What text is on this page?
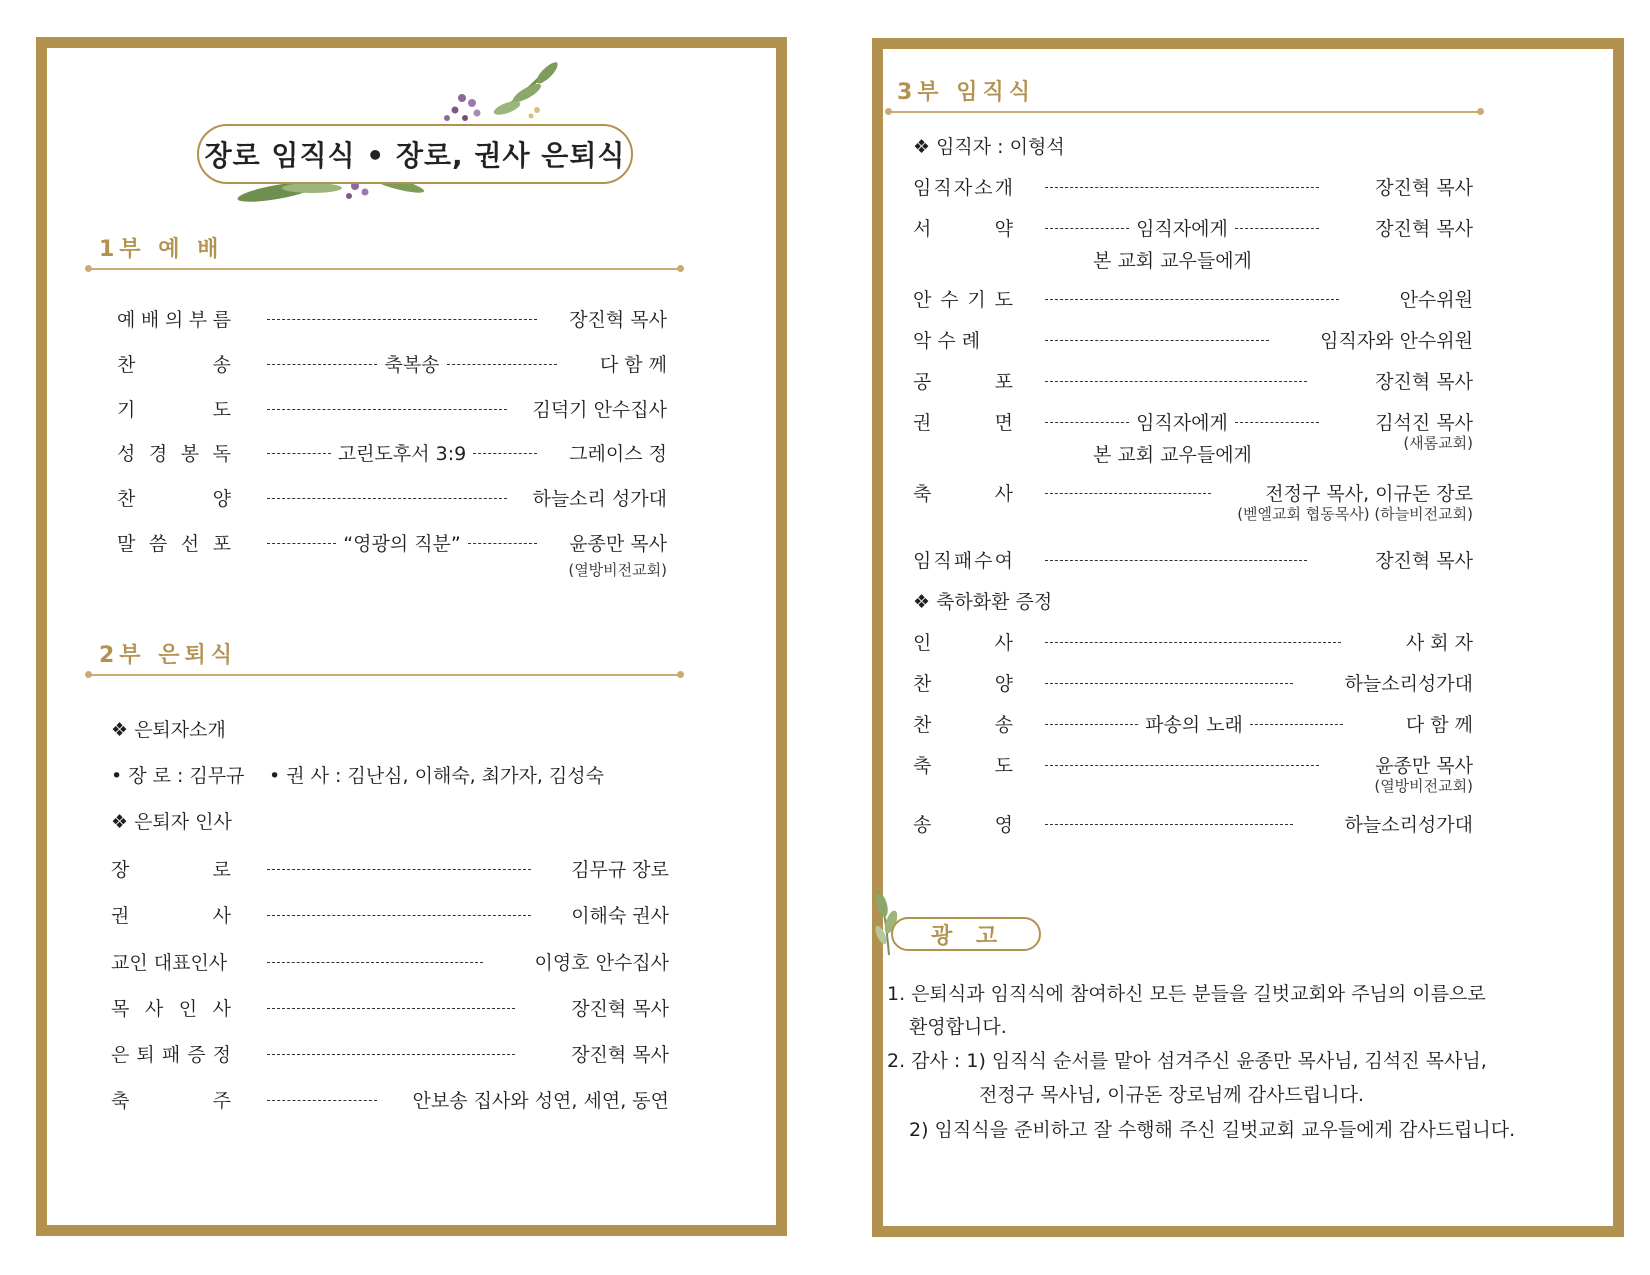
장로 임직식 • 장로, 권사 은퇴식
1부 예 배
예 배 의 부 름	장진혁 목사
찬	송	축복송	다 함 께
기	도	김덕기 안수집사
성 경 봉 독	고린도후서 3:9	그레이스 정
찬	양	하늘소리 성가대
말 씀 선 포	“영광의 직분”	윤종만 목사
(열방비전교회)
2부 은퇴식
❖ 은퇴자소개
• 장 로 : 김무규 • 권 사 : 김난심, 이해숙, 최가자, 김성숙
❖ 은퇴자 인사
장	로	김무규 장로
권	사	이해숙 권사
교인 대표인사	이영호 안수집사
목 사 인 사	장진혁 목사
은 퇴 패 증 정	장진혁 목사
축	주	안보송 집사와 성연, 세연, 동연
3부 임직식
❖ 임직자 : 이형석
임 직 자 소 개	장진혁 목사
서	약	임직자에게	장진혁 목사
본 교회 교우들에게
안 수 기 도	안수위원
악 수 례	임직자와 안수위원
공	포	장진혁 목사
권	면	임직자에게	김석진 목사
본 교회 교우들에게
(새롬교회)
축	사	전정구 목사, 이규돈 장로
(벧엘교회 협동목사) (하늘비전교회)
임 직 패 수 여	장진혁 목사
❖ 축하화환 증정
인	사	사 회 자
찬	양	하늘소리성가대
찬	송	파송의 노래	다 함 께
축	도	윤종만 목사
(열방비전교회)
송	영	하늘소리성가대
광 고
1. 은퇴식과 임직식에 참여하신 모든 분들을 길벗교회와 주님의 이름으로
환영합니다.
2. 감사 : 1) 임직식 순서를 맡아 섬겨주신 윤종만 목사님, 김석진 목사님,
전정구 목사님, 이규돈 장로님께 감사드립니다.
2) 임직식을 준비하고 잘 수행해 주신 길벗교회 교우들에게 감사드립니다.
